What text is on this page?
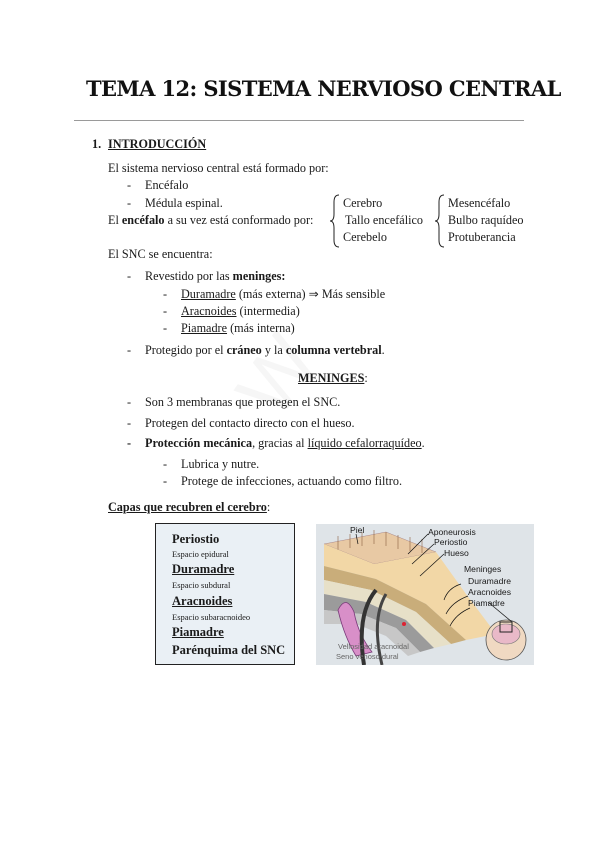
TEMA 12: SISTEMA NERVIOSO CENTRAL
1. INTRODUCCIÓN
El sistema nervioso central está formado por:
- Encéfalo
- Médula espinal.
El encéfalo a su vez está conformado por:
Cerebro
Tallo encefálico
Cerebelo
Mesencéfalo
Bulbo raquídeo
Protuberancia
El SNC se encuentra:
- Revestido por las meninges:
- Duramadre (más externa) ⇒ Más sensible
- Aracnoides (intermedia)
- Piamadre (más interna)
- Protegido por el cráneo y la columna vertebral.
MENINGES:
- Son 3 membranas que protegen el SNC.
- Protegen del contacto directo con el hueso.
- Protección mecánica, gracias al líquido cefalorraquídeo.
- Lubrica y nutre.
- Protege de infecciones, actuando como filtro.
Capas que recubren el cerebro:
Periostio
Espacio epidural
Duramadre
Espacio subdural
Aracnoides
Espacio subaracnoideo
Piamadre
Parénquima del SNC
Piel	Aponeurosis
Periostio
Hueso
Meninges
Duramadre
Aracnoides
Piamadre
Vellosidad aracnoidal
Seno venoso dural
